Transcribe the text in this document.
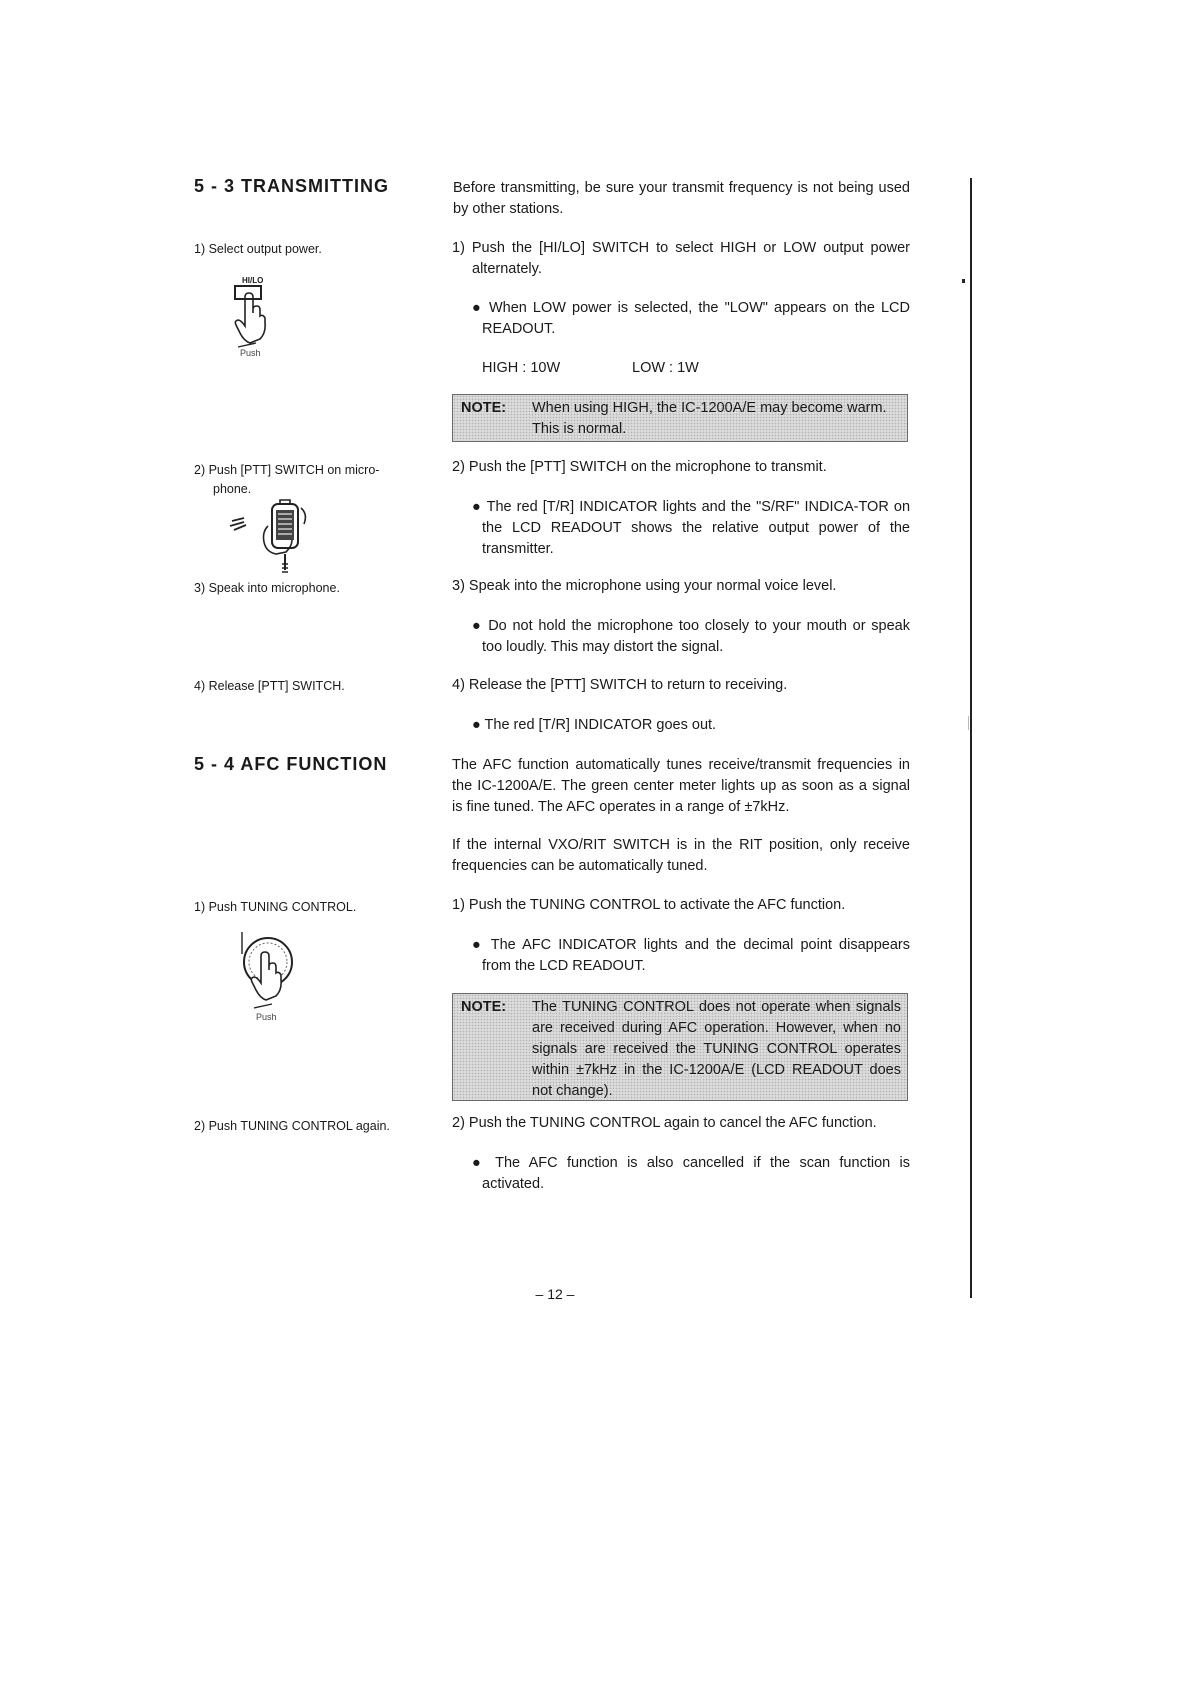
5 - 3 TRANSMITTING	Before transmitting, be sure your transmit frequency is not being used by other stations.
1) Select output power.
HI/LO
Push
1) Push the [HI/LO] SWITCH to select HIGH or LOW output power alternately.
● When LOW power is selected, the "LOW" appears on the LCD READOUT.
HIGH : 10W	LOW : 1W
NOTE: When using HIGH, the IC-1200A/E may become warm. This is normal.
2) Push [PTT] SWITCH on micro-phone.
2) Push the [PTT] SWITCH on the microphone to transmit.
● The red [T/R] INDICATOR lights and the "S/RF" INDICA-TOR on the LCD READOUT shows the relative output power of the transmitter.
3) Speak into microphone.	3) Speak into the microphone using your normal voice level.
● Do not hold the microphone too closely to your mouth or speak too loudly. This may distort the signal.
4) Release [PTT] SWITCH.	4) Release the [PTT] SWITCH to return to receiving.
● The red [T/R] INDICATOR goes out.
5 - 4 AFC FUNCTION	The AFC function automatically tunes receive/transmit frequencies in the IC-1200A/E. The green center meter lights up as soon as a signal is fine tuned. The AFC operates in a range of ±7kHz.
If the internal VXO/RIT SWITCH is in the RIT position, only receive frequencies can be automatically tuned.
1) Push TUNING CONTROL.
Push
1) Push the TUNING CONTROL to activate the AFC function.
● The AFC INDICATOR lights and the decimal point disappears from the LCD READOUT.
NOTE: The TUNING CONTROL does not operate when signals are received during AFC operation. However, when no signals are received the TUNING CONTROL operates within ±7kHz in the IC-1200A/E (LCD READOUT does not change).
2) Push TUNING CONTROL again.	2) Push the TUNING CONTROL again to cancel the AFC function.
● The AFC function is also cancelled if the scan function is activated.
– 12 –
